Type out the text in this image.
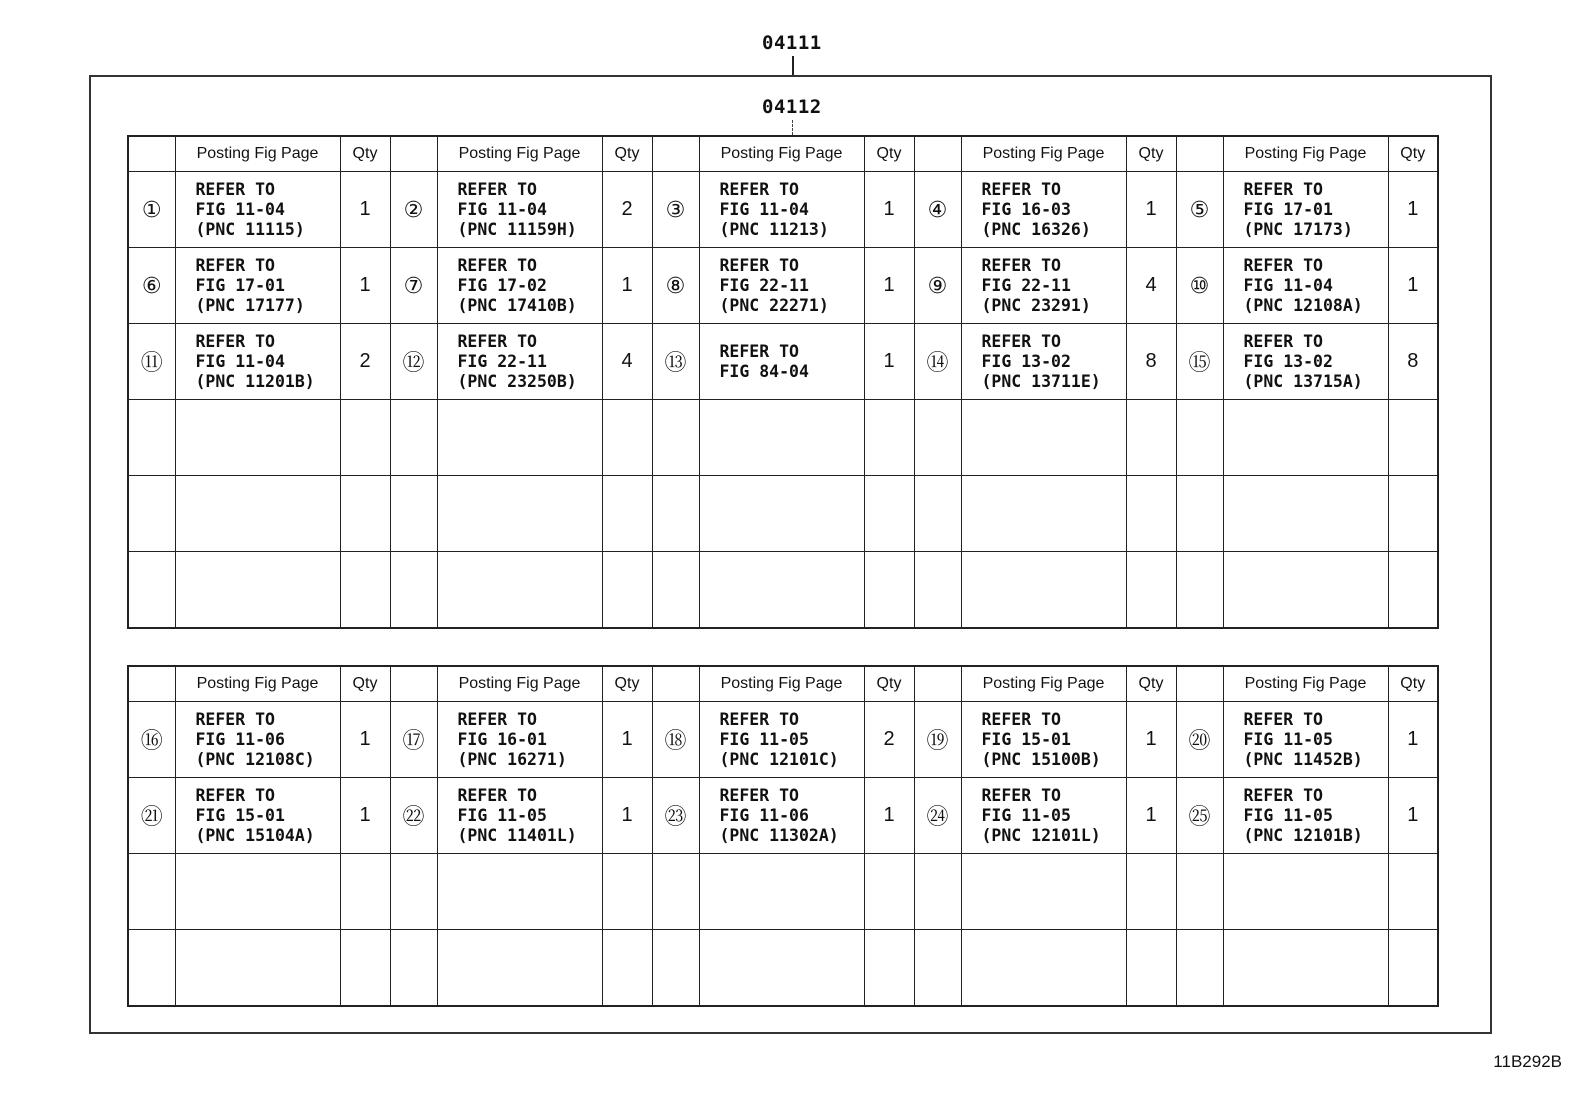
04111
04112
	Posting Fig Page	Qty		Posting Fig Page	Qty		Posting Fig Page	Qty		Posting Fig Page	Qty		Posting Fig Page	Qty
①	REFER TO
FIG 11-04
(PNC 11115)	1	②	REFER TO
FIG 11-04
(PNC 11159H)	2	③	REFER TO
FIG 11-04
(PNC 11213)	1	④	REFER TO
FIG 16-03
(PNC 16326)	1	⑤	REFER TO
FIG 17-01
(PNC 17173)	1
⑥	REFER TO
FIG 17-01
(PNC 17177)	1	⑦	REFER TO
FIG 17-02
(PNC 17410B)	1	⑧	REFER TO
FIG 22-11
(PNC 22271)	1	⑨	REFER TO
FIG 22-11
(PNC 23291)	4	⑩	REFER TO
FIG 11-04
(PNC 12108A)	1
⑪	REFER TO
FIG 11-04
(PNC 11201B)	2	⑫	REFER TO
FIG 22-11
(PNC 23250B)	4	⑬	REFER TO
FIG 84-04	1	⑭	REFER TO
FIG 13-02
(PNC 13711E)	8	⑮	REFER TO
FIG 13-02
(PNC 13715A)	8

	Posting Fig Page	Qty		Posting Fig Page	Qty		Posting Fig Page	Qty		Posting Fig Page	Qty		Posting Fig Page	Qty
⑯	REFER TO
FIG 11-06
(PNC 12108C)	1	⑰	REFER TO
FIG 16-01
(PNC 16271)	1	⑱	REFER TO
FIG 11-05
(PNC 12101C)	2	⑲	REFER TO
FIG 15-01
(PNC 15100B)	1	⑳	REFER TO
FIG 11-05
(PNC 11452B)	1
㉑	REFER TO
FIG 15-01
(PNC 15104A)	1	㉒	REFER TO
FIG 11-05
(PNC 11401L)	1	㉓	REFER TO
FIG 11-06
(PNC 11302A)	1	㉔	REFER TO
FIG 11-05
(PNC 12101L)	1	㉕	REFER TO
FIG 11-05
(PNC 12101B)	1

11B292B
